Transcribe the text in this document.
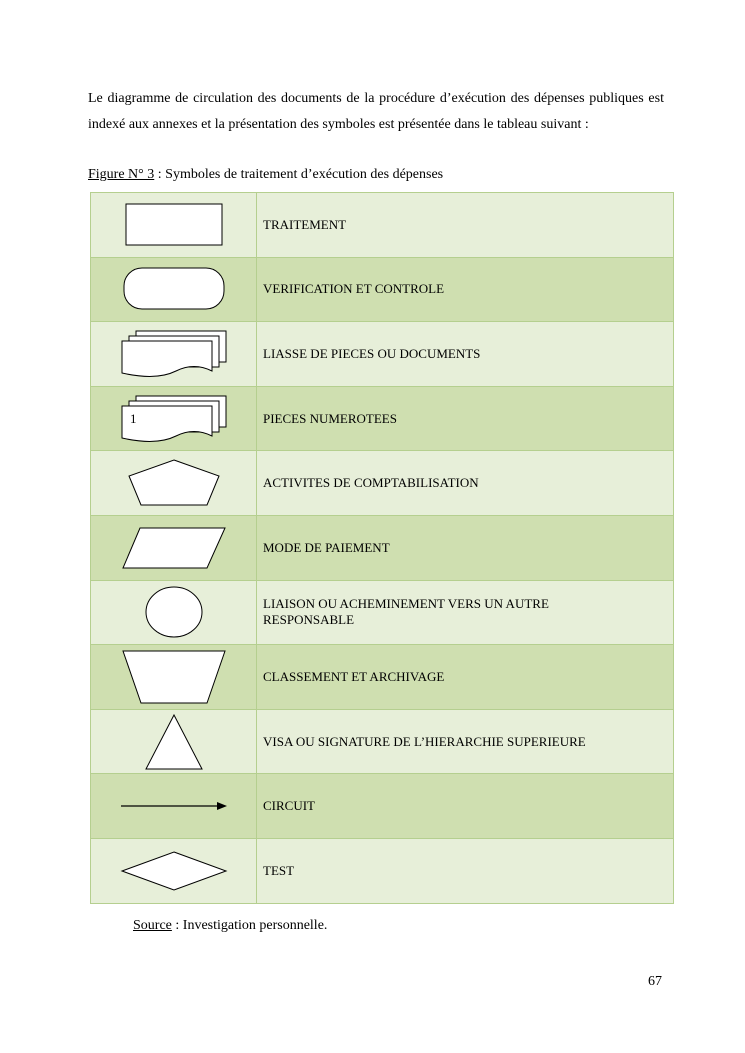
Le diagramme de circulation des documents de la procédure d’exécution des dépenses publiques est indexé aux annexes et la présentation des symboles est présentée dans le tableau suivant :
Figure N° 3 : Symboles de traitement d’exécution des dépenses
	TRAITEMENT

	VERIFICATION ET CONTROLE

	LIASSE DE PIECES OU DOCUMENTS

1	PIECES NUMEROTEES

	ACTIVITES DE COMPTABILISATION

	MODE DE PAIEMENT

	LIAISON OU ACHEMINEMENT VERS UN AUTRE RESPONSABLE

	CLASSEMENT ET ARCHIVAGE

	VISA OU SIGNATURE DE L’HIERARCHIE SUPERIEURE

	CIRCUIT

	TEST
Source : Investigation personnelle.
67
